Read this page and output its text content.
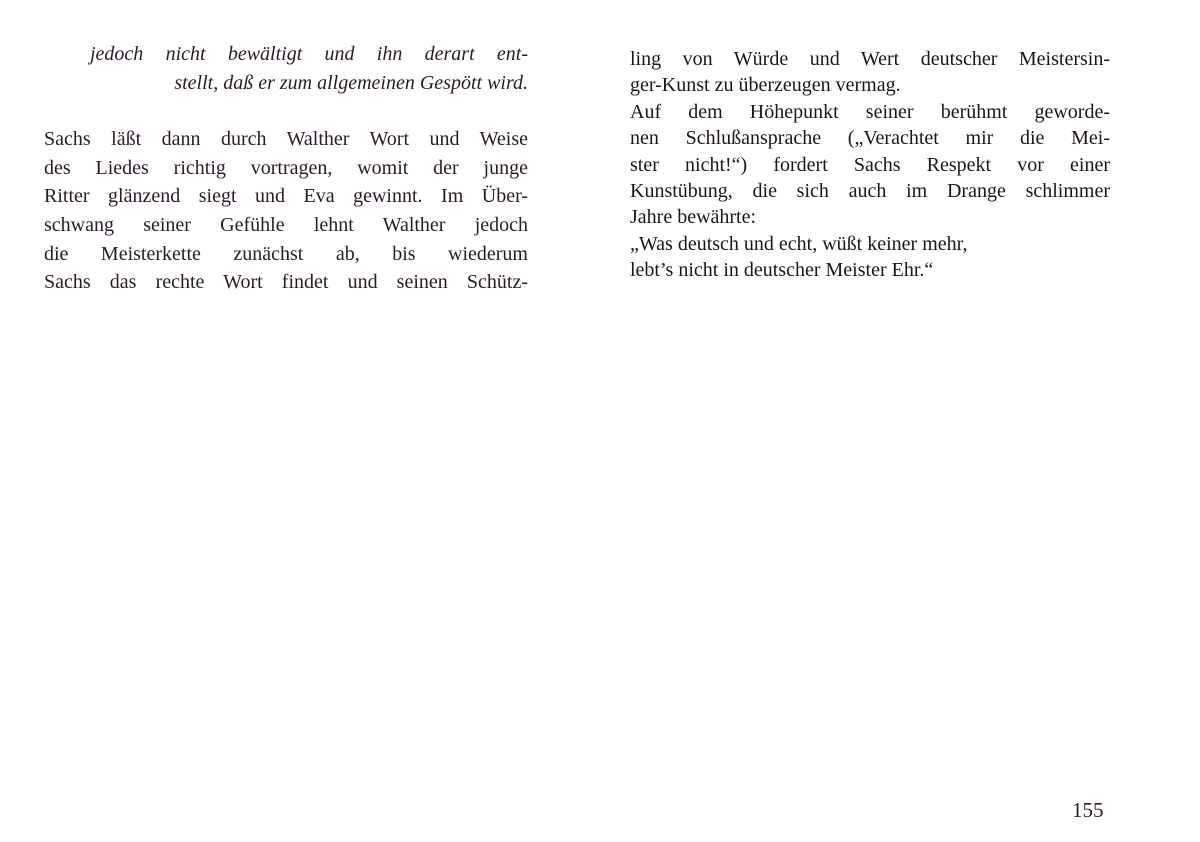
jedoch nicht bewältigt und ihn derart ent-
stellt, daß er zum allgemeinen Gespött wird.
Sachs läßt dann durch Walther Wort und Weise
des Liedes richtig vortragen, womit der junge
Ritter glänzend siegt und Eva gewinnt. Im Über-
schwang seiner Gefühle lehnt Walther jedoch
die Meisterkette zunächst ab, bis wiederum
Sachs das rechte Wort findet und seinen Schütz-
ling von Würde und Wert deutscher Meistersin-
ger-Kunst zu überzeugen vermag.
Auf dem Höhepunkt seiner berühmt geworde-
nen Schlußansprache („Verachtet mir die Mei-
ster nicht!“) fordert Sachs Respekt vor einer
Kunstübung, die sich auch im Drange schlimmer
Jahre bewährte:
„Was deutsch und echt, wüßt keiner mehr,
lebt’s nicht in deutscher Meister Ehr.“
155
